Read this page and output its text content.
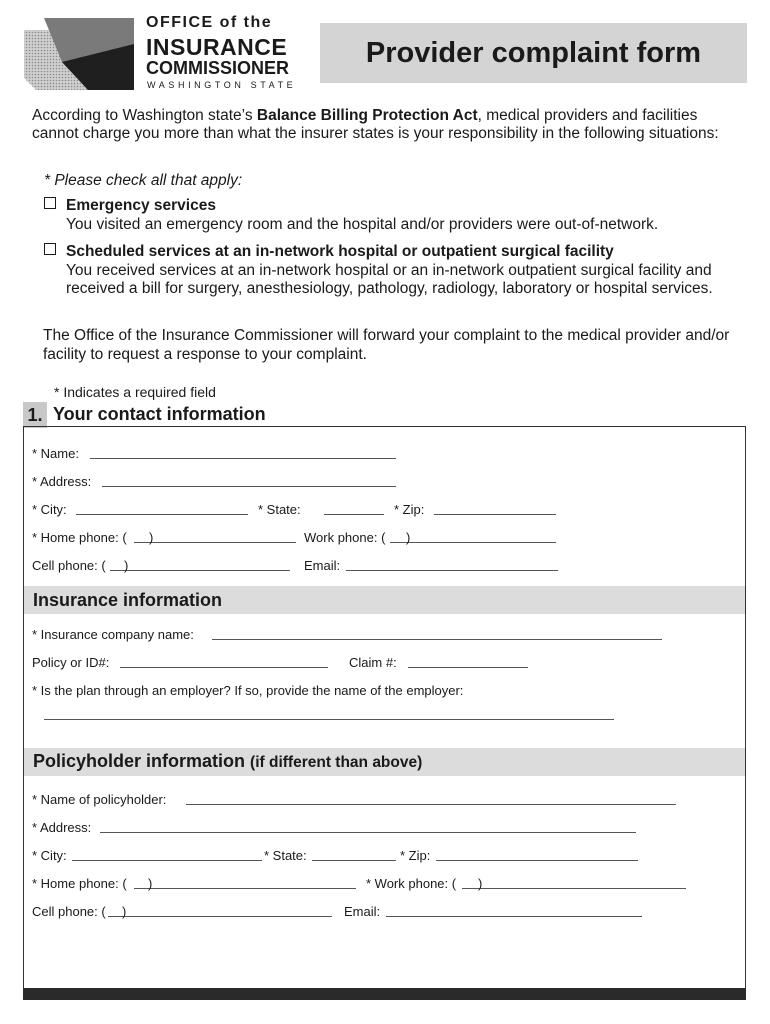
OFFICE of the
INSURANCE
COMMISSIONER
WASHINGTON STATE
Provider complaint form
According to Washington state’s Balance Billing Protection Act, medical providers and facilities cannot charge you more than what the insurer states is your responsibility in the following situations:
* Please check all that apply:
Emergency services
You visited an emergency room and the hospital and/or providers were out-of-network.
Scheduled services at an in-network hospital or outpatient surgical facility
You received services at an in-network hospital or an in-network outpatient surgical facility and received a bill for surgery, anesthesiology, pathology, radiology, laboratory or hospital services.
The Office of the Insurance Commissioner will forward your complaint to the medical provider and/or facility to request a response to your complaint.
* Indicates a required field
1. Your contact information
* Name:
* Address:
* City:	* State:	* Zip:
* Home phone: ( )	Work phone: ( )
Cell phone: ( )	Email:
Insurance information
* Insurance company name:
Policy or ID#:	Claim #:
* Is the plan through an employer? If so, provide the name of the employer:
Policyholder information (if different than above)
* Name of policyholder:
* Address:
* City:	* State:	* Zip:
* Home phone: ( )	* Work phone: ( )
Cell phone: ( )	Email:
